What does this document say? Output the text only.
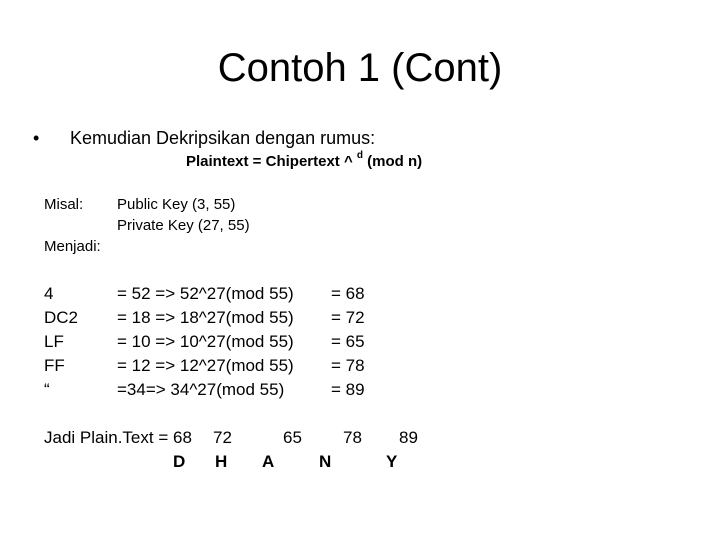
Contoh 1 (Cont)
• Kemudian Dekripsikan dengan rumus:
Plaintext = Chipertext ^ $^d$ (mod n)
Misal: Public Key (3, 55)
Private Key (27, 55)
Menjadi:
4	= 52 => 52^27(mod 55) = 68
DC2 = 18 => 18^27(mod 55) = 72
LF	= 10 => 10^27(mod 55) = 65
FF	= 12 => 12^27(mod 55) = 78
“	=34=> 34^27(mod 55)	= 89
Jadi Plain.Text = 68 72	65 78 89
D H A	N	Y
